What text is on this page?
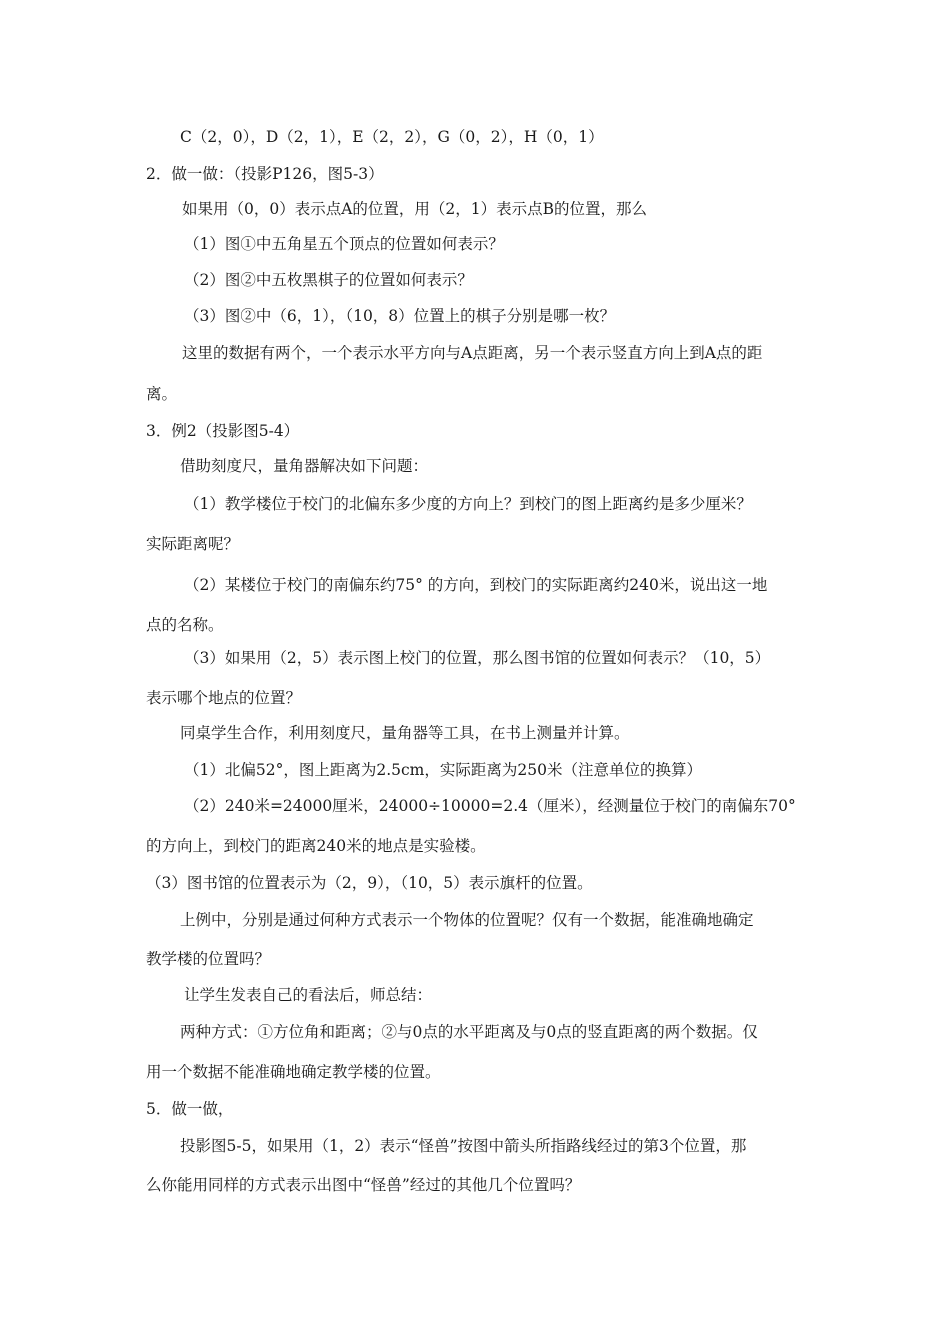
C（2，0），D（2，1），E（2，2），G（0，2），H（0，1）
2．做一做：（投影P126，图5-3）
如果用（0，0）表示点A的位置，用（2，1）表示点B的位置，那么
（1）图①中五角星五个顶点的位置如何表示？
（2）图②中五枚黑棋子的位置如何表示？
（3）图②中（6，1），（10，8）位置上的棋子分别是哪一枚？
这里的数据有两个，一个表示水平方向与A点距离，另一个表示竖直方向上到A点的距
离。
3．例2（投影图5-4）
借助刻度尺，量角器解决如下问题：
（1）教学楼位于校门的北偏东多少度的方向上？到校门的图上距离约是多少厘米？
实际距离呢？
（2）某楼位于校门的南偏东约75° 的方向，到校门的实际距离约240米，说出这一地
点的名称。
（3）如果用（2，5）表示图上校门的位置，那么图书馆的位置如何表示？（10，5）
表示哪个地点的位置？
同桌学生合作，利用刻度尺，量角器等工具，在书上测量并计算。
（1）北偏52°，图上距离为2.5cm，实际距离为250米（注意单位的换算）
（2）240米=24000厘米，24000÷10000=2.4（厘米），经测量位于校门的南偏东70°
的方向上，到校门的距离240米的地点是实验楼。
（3）图书馆的位置表示为（2，9），（10，5）表示旗杆的位置。
上例中，分别是通过何种方式表示一个物体的位置呢？仅有一个数据，能准确地确定
教学楼的位置吗？
让学生发表自己的看法后，师总结：
两种方式：①方位角和距离；②与0点的水平距离及与0点的竖直距离的两个数据。仅
用一个数据不能准确地确定教学楼的位置。
5．做一做，
投影图5-5，如果用（1，2）表示“怪兽”按图中箭头所指路线经过的第3个位置，那
么你能用同样的方式表示出图中“怪兽”经过的其他几个位置吗？
